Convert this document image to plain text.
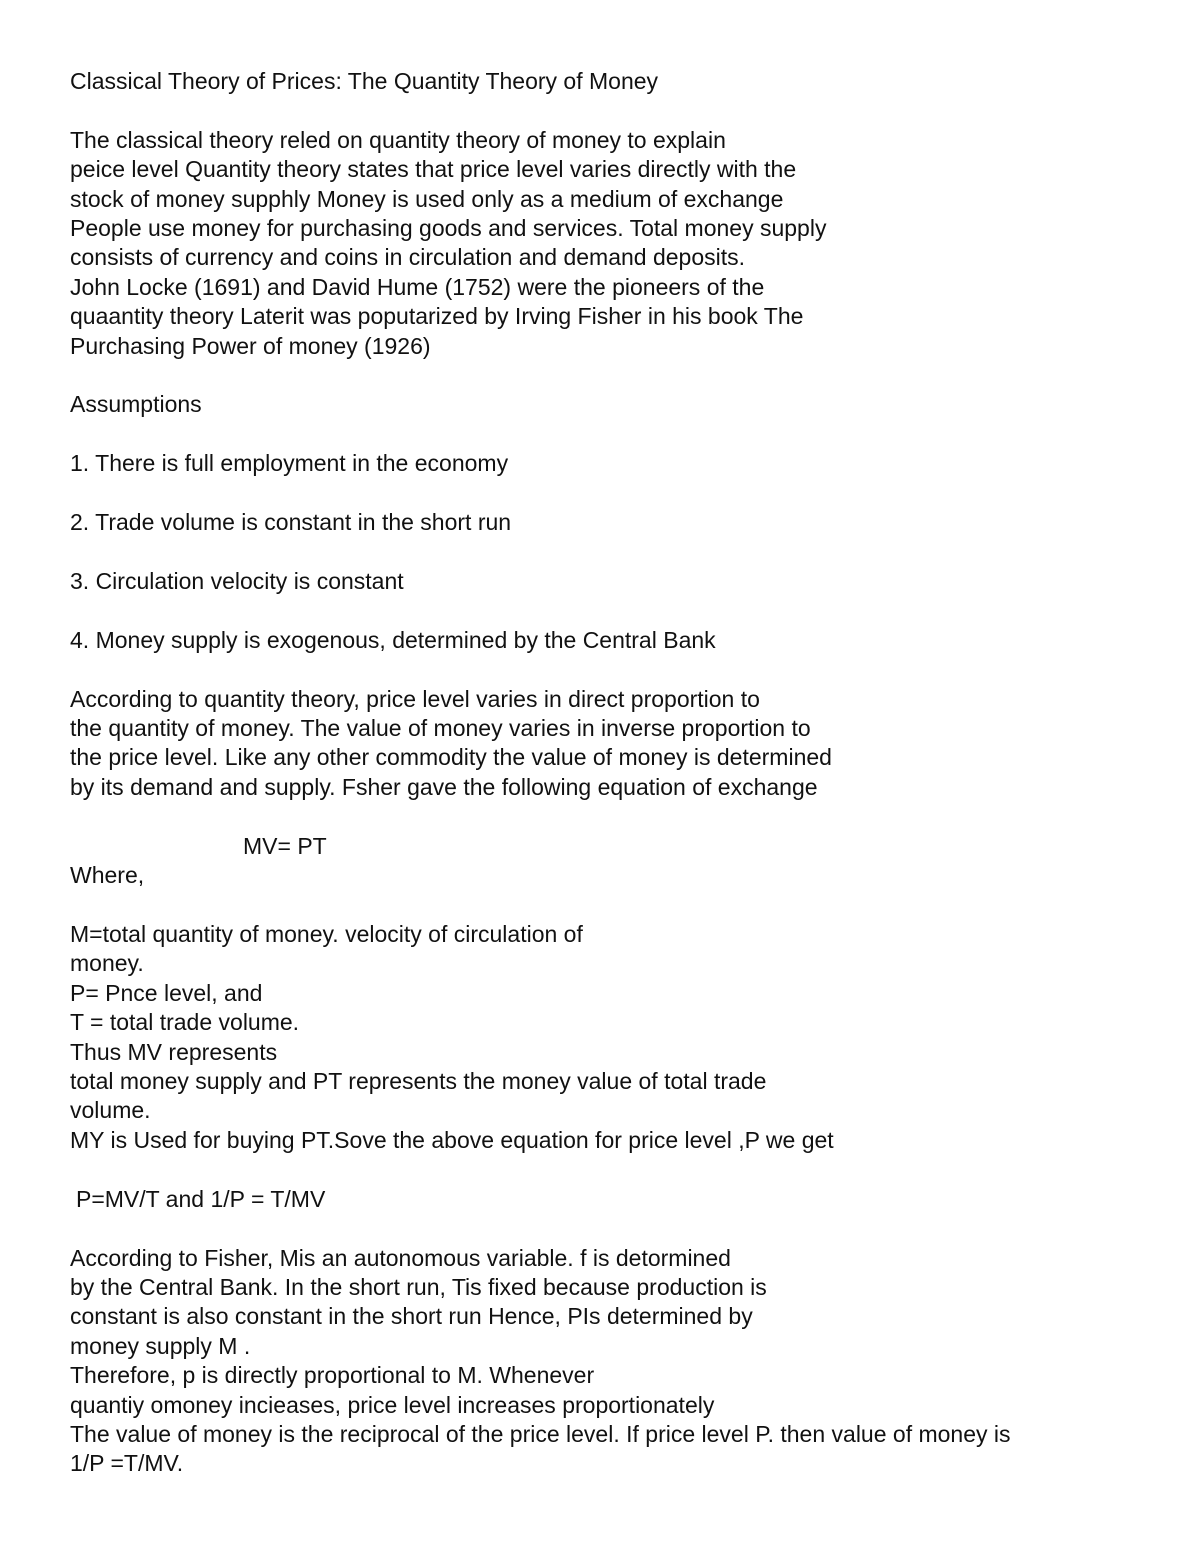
Classical Theory of Prices: The Quantity Theory of Money

The classical theory reled on quantity theory of money to explain

peice level Quantity theory states that price level varies directly with the

stock of money supphly Money is used only as a medium of exchange

People use money for purchasing goods and services. Total money supply

consists of currency and coins in circulation and demand deposits.

John Locke (1691) and David Hume (1752) were the pioneers of the

quaantity theory Laterit was poputarized by Irving Fisher in his book The

Purchasing Power of money (1926)

Assumptions

1. There is full employment in the economy

2. Trade volume is constant in the short run

3. Circulation velocity is constant

4. Money supply is exogenous, determined by the Central Bank

According to quantity theory, price level varies in direct proportion to

the quantity of money. The value of money varies in inverse proportion to

the price level. Like any other commodity the value of money is determined

by its demand and supply. Fsher gave the following equation of exchange

MV= PT

Where,

M=total quantity of money. velocity of circulation of

money.

P= Pnce level, and

T = total trade volume.

Thus MV represents

total money supply and PT represents the money value of total trade

volume.

MY is Used for buying PT.Sove the above equation for price level ,P we get

P=MV/T and 1/P = T/MV

According to Fisher, Mis an autonomous variable. f is detormined

by the Central Bank. In the short run, Tis fixed because production is

constant is also constant in the short run Hence, PIs determined by

money supply M .

Therefore, p is directly proportional to M. Whenever

quantiy omoney incieases, price level increases proportionately

The value of money is the reciprocal of the price level. If price level P. then value of money is

1/P =T/MV.
